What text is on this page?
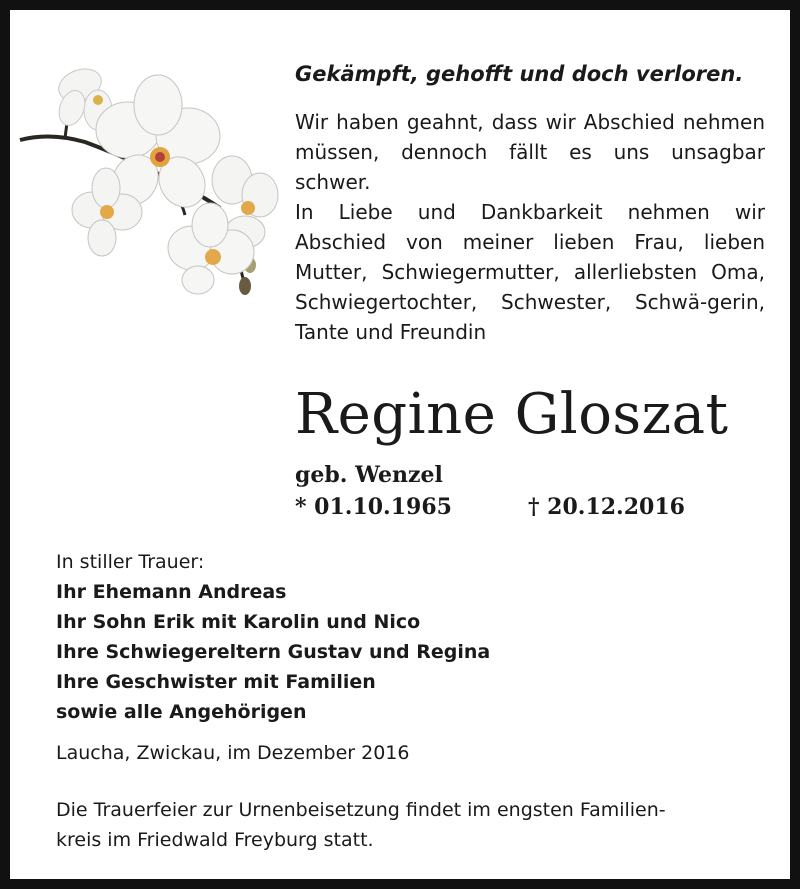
Gekämpft, gehofft und doch verloren.

Wir haben geahnt, dass wir Abschied nehmen müssen, dennoch fällt es uns unsagbar schwer.

In Liebe und Dankbarkeit nehmen wir Abschied von meiner lieben Frau, lieben Mutter, Schwiegermutter, allerliebsten Oma, Schwiegertochter, Schwester, Schwä-gerin, Tante und Freundin

Regine Gloszat
geb. Wenzel
* 01.10.1965	† 20.12.2016
In stiller Trauer:
Ihr Ehemann Andreas
Ihr Sohn Erik mit Karolin und Nico
Ihre Schwiegereltern Gustav und Regina
Ihre Geschwister mit Familien
sowie alle Angehörigen
Laucha, Zwickau, im Dezember 2016
Die Trauerfeier zur Urnenbeisetzung findet im engsten Familien-
kreis im Friedwald Freyburg statt.
